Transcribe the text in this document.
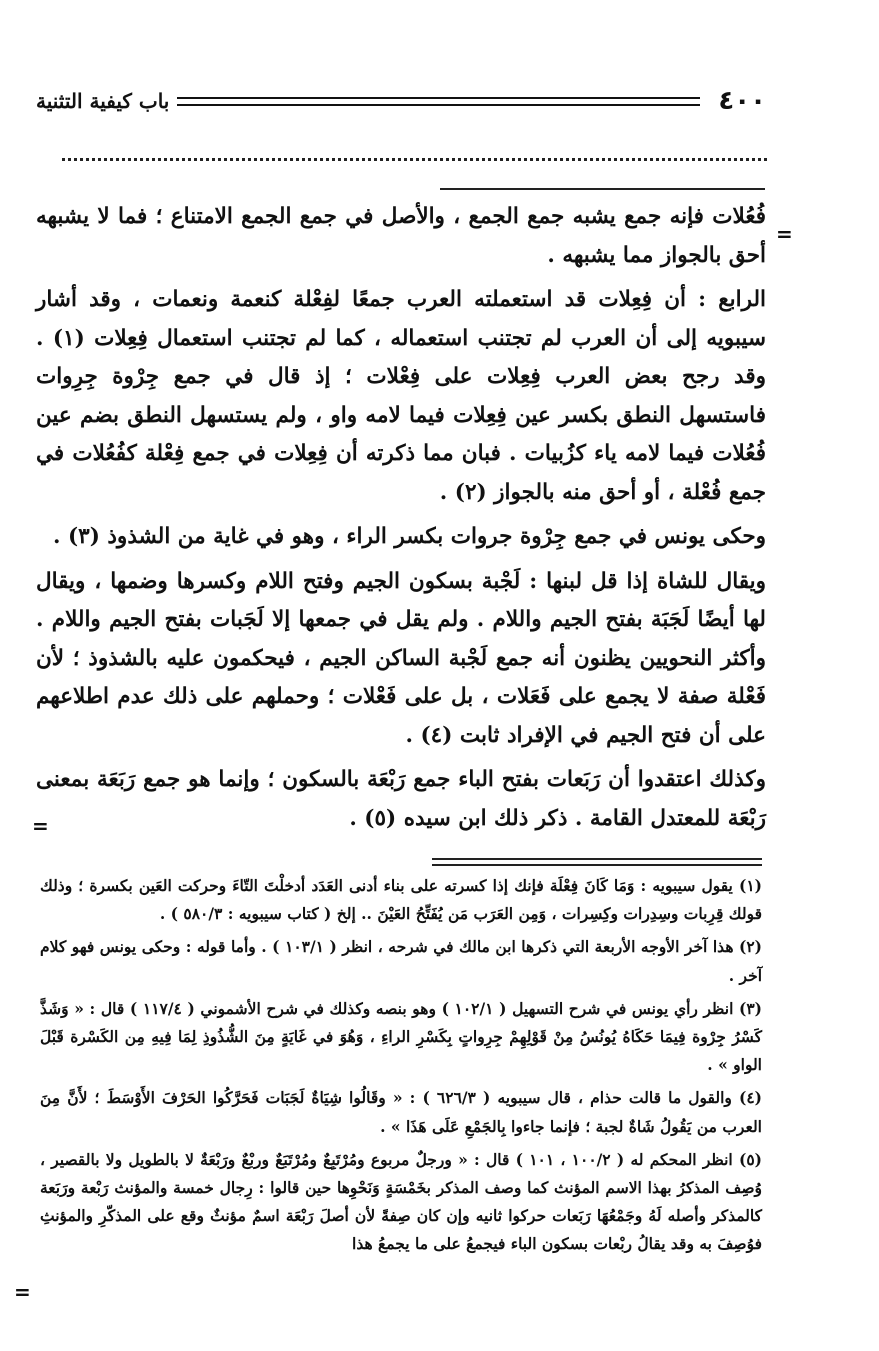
٤٠٠
باب كيفية التثنية
=

فُعُلات فإنه جمع يشبه جمع الجمع ، والأصل في جمع الجمع الامتناع ؛ فما لا يشبهه أحق بالجواز مما يشبهه .

الرابع : أن فِعِلات قد استعملته العرب جمعًا لفِعْلة كنعمة ونعمات ، وقد أشار سيبويه إلى أن العرب لم تجتنب استعماله ، كما لم تجتنب استعمال فِعِلات (١) . وقد رجح بعض العرب فِعِلات على فِعْلات ؛ إذ قال في جمع جِرْوة جِرِوات فاستسهل النطق بكسر عين فِعِلات فيما لامه واو ، ولم يستسهل النطق بضم عين فُعُلات فيما لامه ياء كزُبيات . فبان مما ذكرته أن فِعِلات في جمع فِعْلة كفُعُلات في جمع فُعْلة ، أو أحق منه بالجواز (٢) .

وحكى يونس في جمع جِرْوة جروات بكسر الراء ، وهو في غاية من الشذوذ (٣) .

ويقال للشاة إذا قل لبنها : لَجْبة بسكون الجيم وفتح اللام وكسرها وضمها ، ويقال لها أيضًا لَجَبَة بفتح الجيم واللام . ولم يقل في جمعها إلا لَجَبات بفتح الجيم واللام . وأكثر النحويين يظنون أنه جمع لَجْبة الساكن الجيم ، فيحكمون عليه بالشذوذ ؛ لأن فَعْلة صفة لا يجمع على فَعَلات ، بل على فَعْلات ؛ وحملهم على ذلك عدم اطلاعهم على أن فتح الجيم في الإفراد ثابت (٤) .

وكذلك اعتقدوا أن رَبَعات بفتح الباء جمع رَبْعَة بالسكون ؛ وإنما هو جمع رَبَعَة بمعنى رَبْعَة للمعتدل القامة . ذكر ذلك ابن سيده (٥) .

=

(١) يقول سيبويه : وَمَا كَانَ فِعْلَة فإنك إذا كسرته على بناء أدنى العَدَد أدخلْتَ التّاءَ وحركت العَين بكسرة ؛ وذلك قولك قِرِبات وسِدِرات وكِسِرات ، وَمِن العَرَب مَن يُفَتِّحُ العَيْنَ .. إلخ ( كتاب سيبويه : ٥٨٠/٣ ) .

(٢) هذا آخر الأوجه الأربعة التي ذكرها ابن مالك في شرحه ، انظر ( ١٠٣/١ ) . وأما قوله : وحكى يونس فهو كلام آخر .

(٣) انظر رأي يونس في شرح التسهيل ( ١٠٢/١ ) وهو بنصه وكذلك في شرح الأشموني ( ١١٧/٤ ) قال : « وَشَذَّ كَسْرُ جِرْوة فِيمَا حَكَاهُ يُونُسُ مِنْ قَوْلِهِمْ جِرِواتٍ بِكَسْرِ الراءِ ، وَهُوَ في غَايَةٍ مِنَ الشُّذُوذِ لِمَا فِيهِ مِن الكَسْرة قَبْلَ الواو » .

(٤) والقول ما قالت حذام ، قال سيبويه ( ٦٢٦/٣ ) : « وقَالُوا شِيَاةٌ لَجَبَات فَحَرَّكُوا الحَرْفَ الأَوْسَطَ ؛ لأَنَّ مِنَ العرب من يَقُولُ شَاةٌ لجبة ؛ فإنما جاءوا بِالجَمْعِ عَلَى هَذَا » .

(٥) انظر المحكم له ( ١٠٠/٢ ، ١٠١ ) قال : « ورجلٌ مربوع ومُرْتَبِعٌ ومُرْتَبَعٌ وربْعٌ ورَبْعَةٌ لا بالطويل ولا بالقصير ، وُصِف المذكرُ بهذا الاسم المؤنث كما وصف المذكر بخَمْسَةٍ وَنَحْوِها حين قالوا : رِجال خمسة والمؤنث رَبْعة ورَبَعة كالمذكر وأصله لَهُ وجَمْعُهَا رَبَعات حركوا ثانيه وإن كان صِفةً لأن أصلَ رَبْعَة اسمٌ مؤنثٌ وقع على المذكّرِ والمؤنثِ فوُصِفَ به وقد يقالُ ربْعات بسكون الباء فيجمعُ على ما يجمعُ هذا

=
